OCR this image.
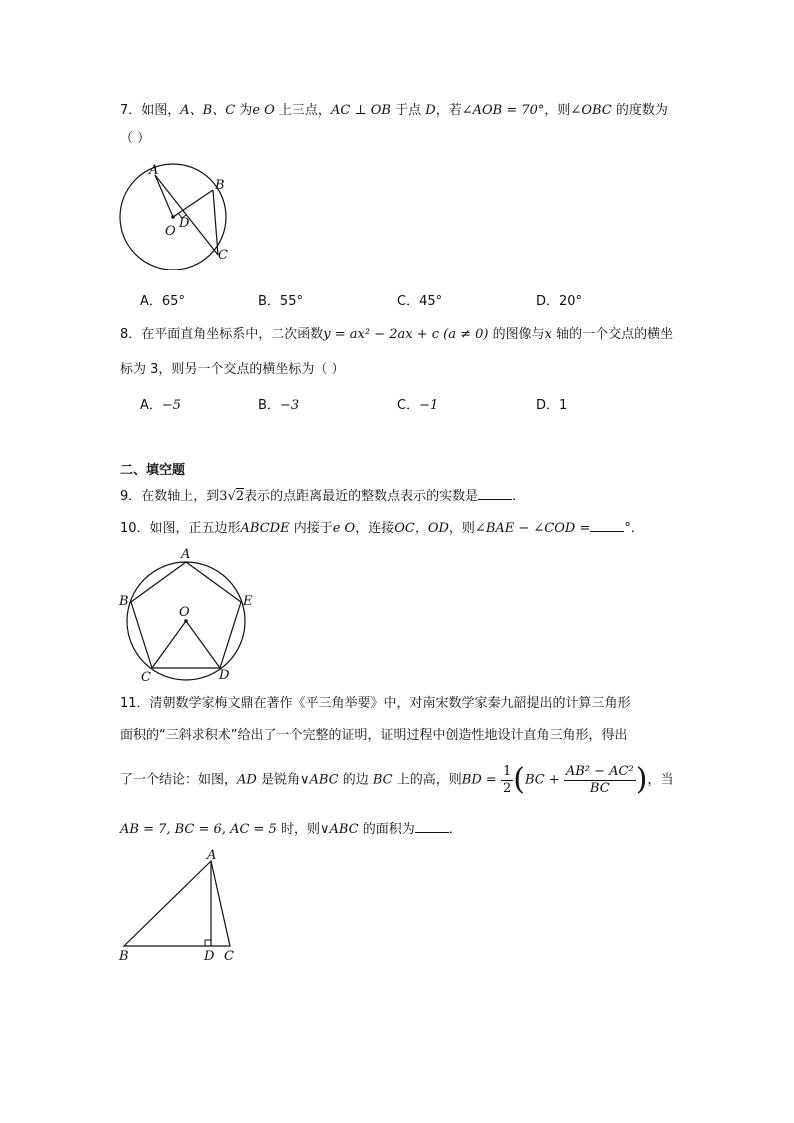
7．如图，A、B、C 为e O 上三点，AC ⊥ OB 于点 D，若∠AOB = 70°，则∠OBC 的度数为
（ ）
A
B
C
D
O
A．65°	B．55°	C．45°	D．20°
8．在平面直角坐标系中，二次函数y = ax² − 2ax + c (a ≠ 0) 的图像与x 轴的一个交点的横坐
标为 3，则另一个交点的横坐标为（ ）
A．−5	B．−3	C．−1	D．1
二、填空题
9．在数轴上，到3√2表示的点距离最近的整数点表示的实数是	．
10．如图，正五边形ABCDE 内接于e O，连接OC，OD，则∠BAE − ∠COD =	°．
A
B
C	D
E
O
11．清朝数学家梅文鼎在著作《平三角举要》中，对南宋数学家秦九韶提出的计算三角形
面积的“三斜求积术”给出了一个完整的证明，证明过程中创造性地设计直角三角形，得出
了一个结论：如图，AD 是锐角∨ABC 的边 BC 上的高，则BD = $\frac{1}{2} (BC + \frac{\text{AB² − AC²}}{BC}$ )，当
AB = 7, BC = 6, AC = 5 时，则∨ABC 的面积为	．
A
B	D C
